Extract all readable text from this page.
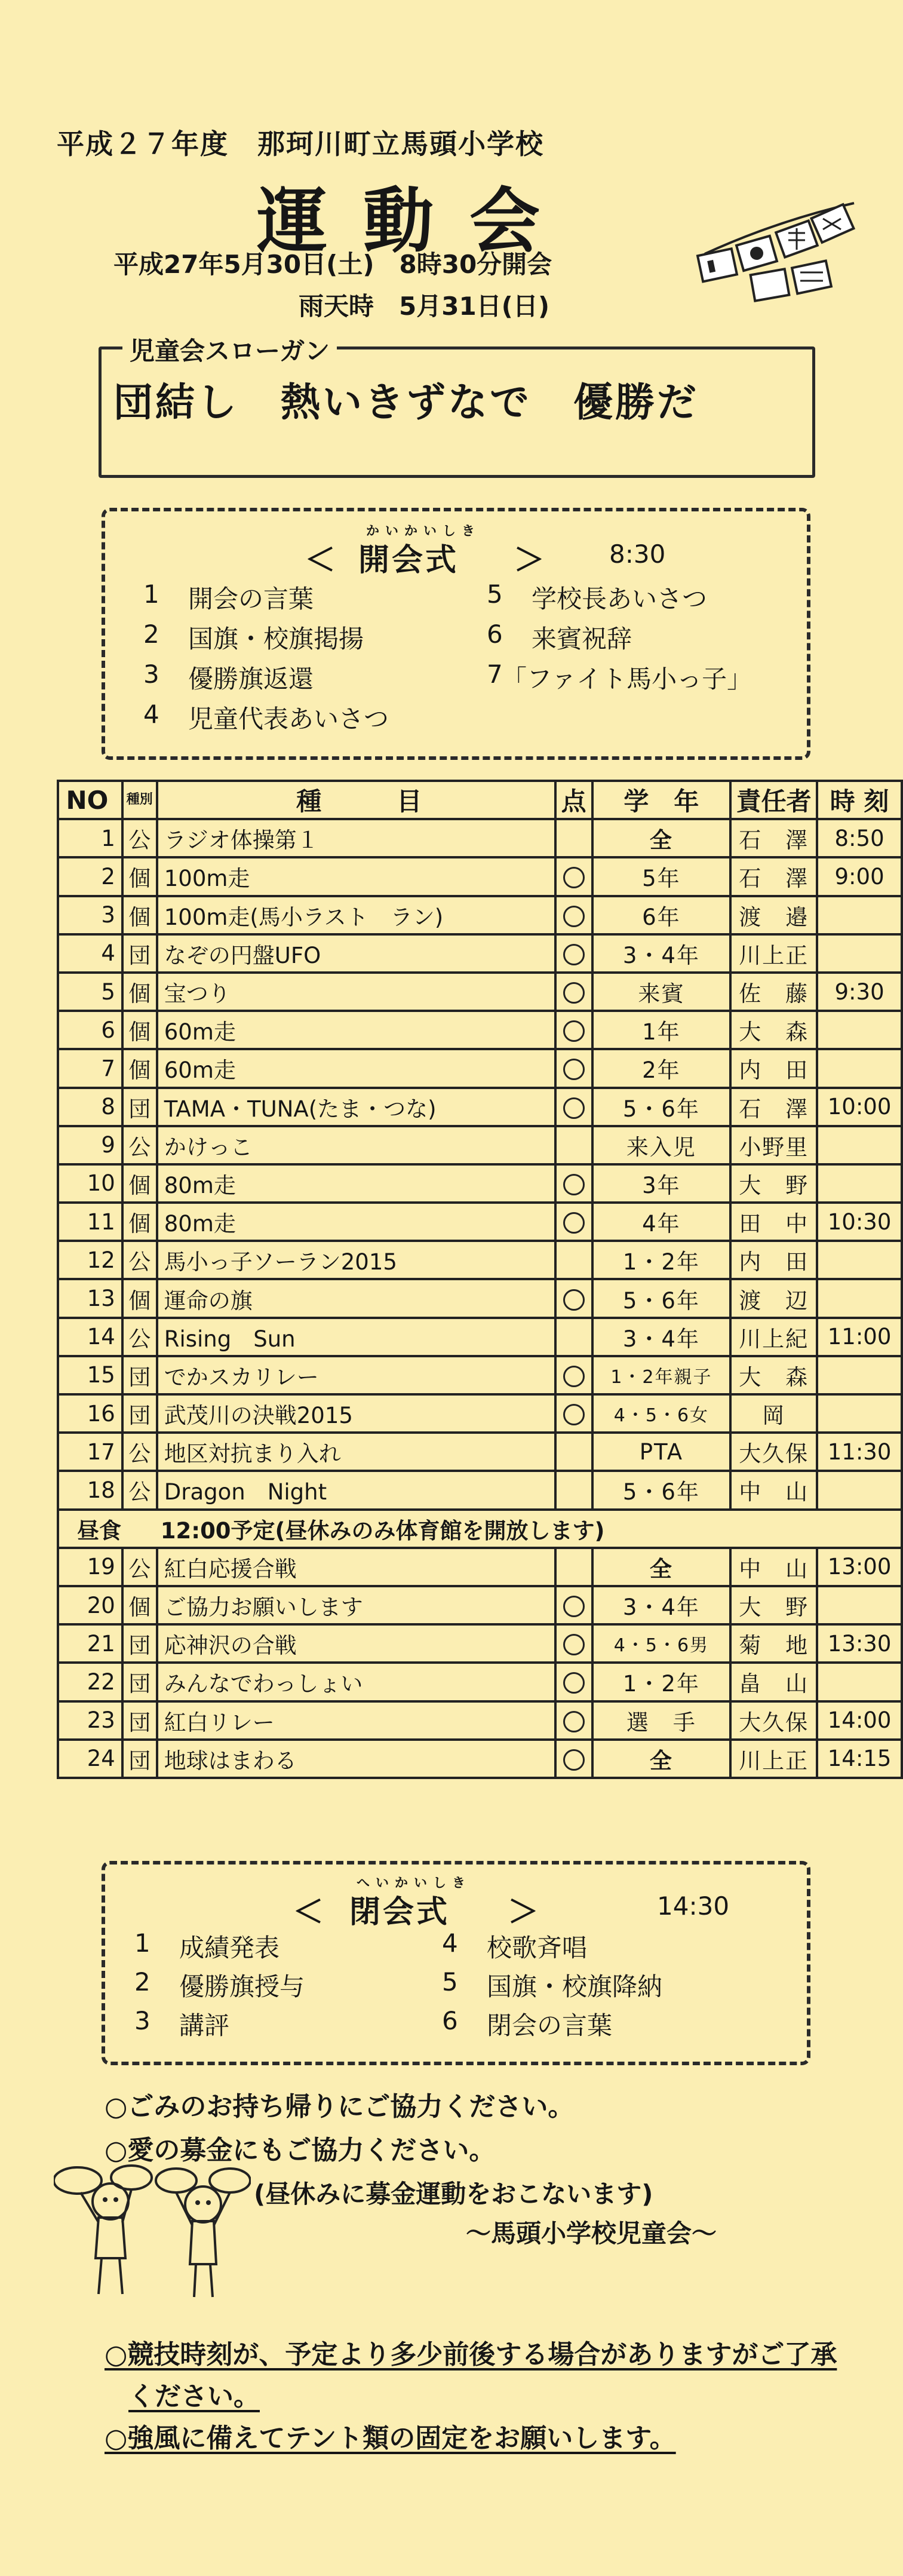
平成２７年度　那珂川町立馬頭小学校
運動会
平成27年5月30日(土)　8時30分開会
雨天時　5月31日(日)
児童会スローガン
団結し　熱いきずなで　優勝だ
かいかいしき
＜ 開会式 ＞	8:30
1 開会の言葉
2 国旗・校旗掲揚
3 優勝旗返還
4 児童代表あいさつ
5 学校長あいさつ
6 来賓祝辞
7
「ファイト馬小っ子」
NO	種別	種　　　目	点	学　年	責任者	時 刻
1	公	ラジオ体操第１		全	石　澤	8:50
2	個	100m走		5年	石　澤	9:00
3	個	100m走(馬小ラスト　ラン)		6年	渡　邉	
4	団	なぞの円盤UFO		3・4年	川上正	
5	個	宝つり		来賓	佐　藤	9:30
6	個	60m走		1年	大　森	
7	個	60m走		2年	内　田	
8	団	TAMA・TUNA(たま・つな)		5・6年	石　澤	10:00
9	公	かけっこ		来入児	小野里	
10	個	80m走		3年	大　野	
11	個	80m走		4年	田　中	10:30
12	公	馬小っ子ソーラン2015		1・2年	内　田	
13	個	運命の旗		5・6年	渡　辺	
14	公	Rising　Sun		3・4年	川上紀	11:00
15	団	でかスカリレー		1・2年親子	大　森	
16	団	武茂川の決戦2015		4・5・6女	岡	
17	公	地区対抗まり入れ		PTA	大久保	11:30
18	公	Dragon　Night		5・6年	中　山	
昼食 12:00予定(昼休みのみ体育館を開放します)						
19	公	紅白応援合戦		全	中　山	13:00
20	個	ご協力お願いします		3・4年	大　野	
21	団	応神沢の合戦		4・5・6男	菊　地	13:30
22	団	みんなでわっしょい		1・2年	畠　山	
23	団	紅白リレー		選　手	大久保	14:00
24	団	地球はまわる		全	川上正	14:15
へいかいしき
＜ 閉会式 ＞	14:30
1 成績発表
2 優勝旗授与
3 講評
4 校歌斉唱
5 国旗・校旗降納
6 閉会の言葉
○ごみのお持ち帰りにご協力ください。
○愛の募金にもご協力ください。
(昼休みに募金運動をおこないます)
～馬頭小学校児童会～
○競技時刻が、予定より多少前後する場合がありますがご了承
ください。
○強風に備えてテント類の固定をお願いします。
